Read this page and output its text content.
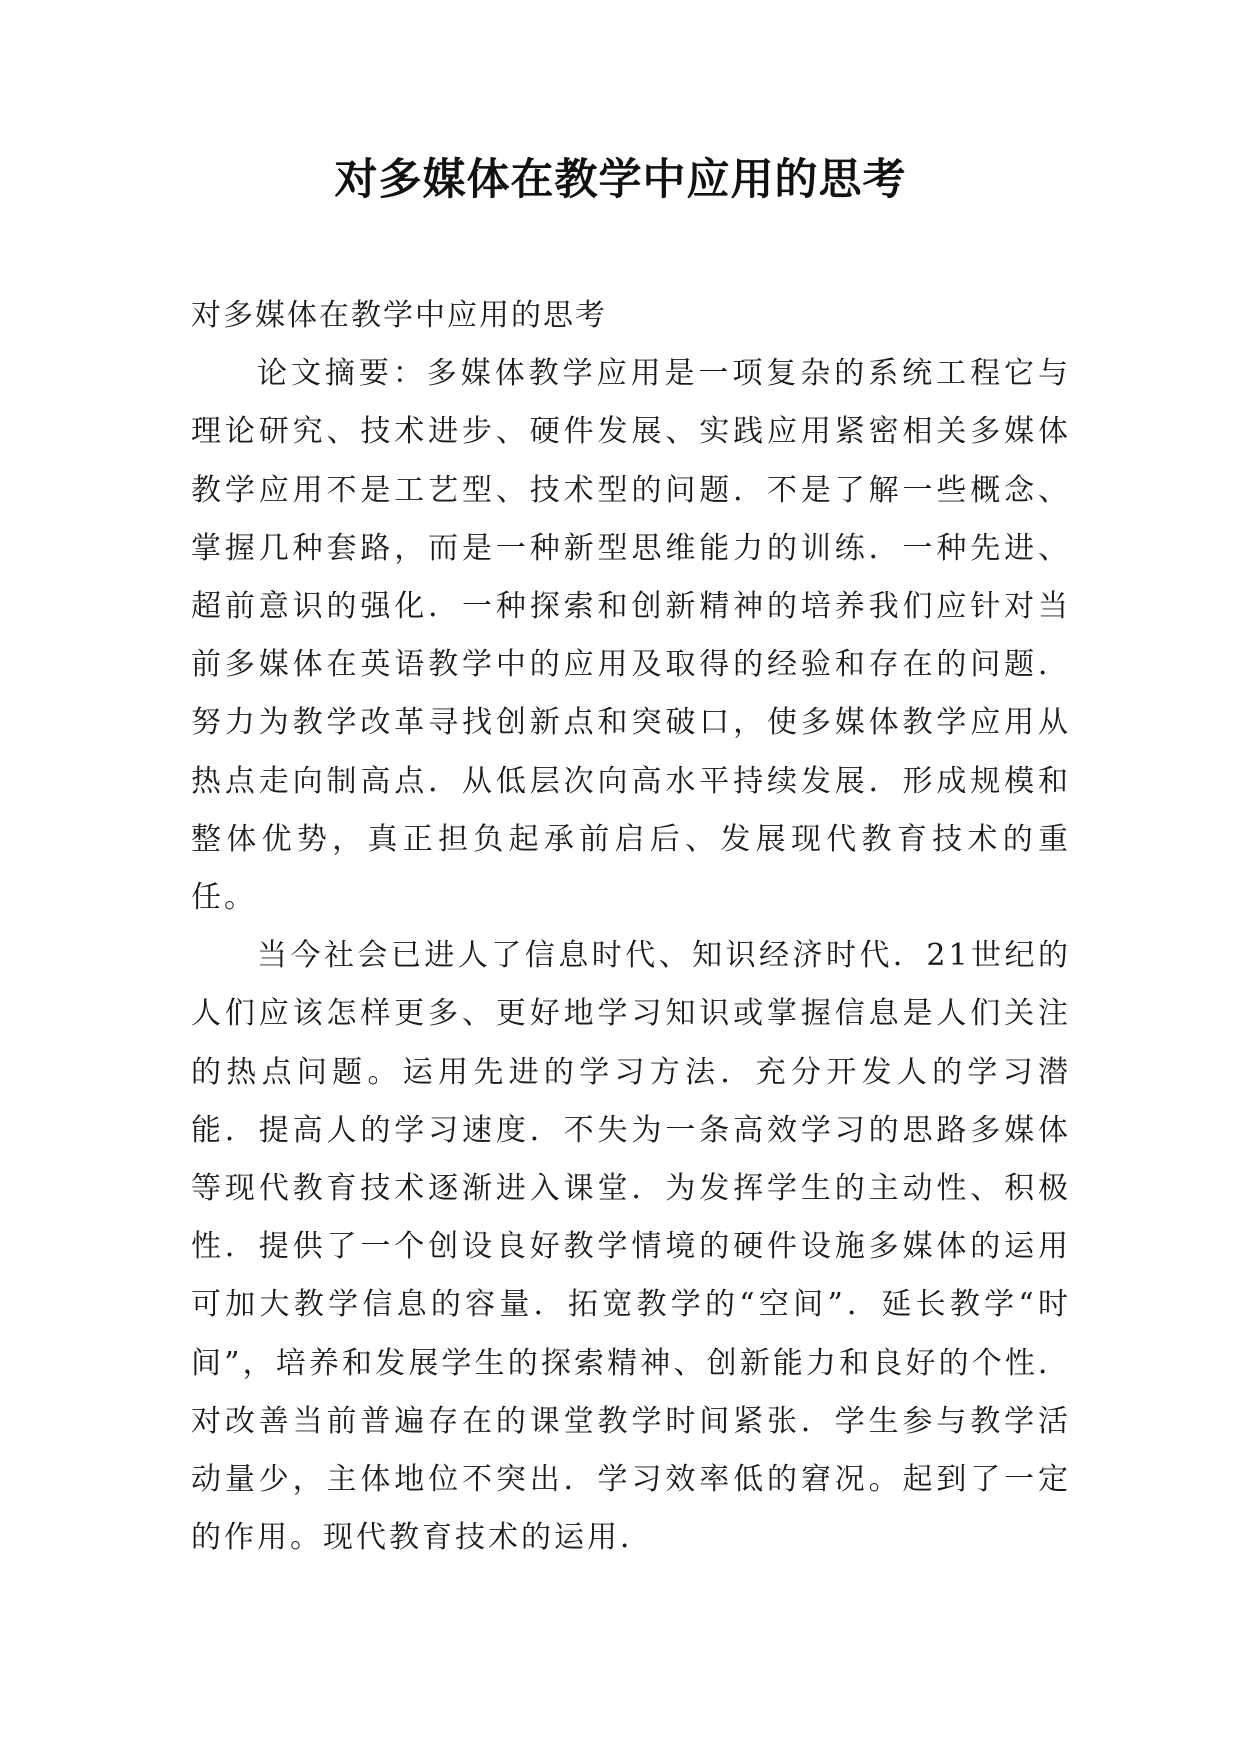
对多媒体在教学中应用的思考

对多媒体在教学中应用的思考

论文摘要：多媒体教学应用是一项复杂的系统工程它与理论研究、技术进步、硬件发展、实践应用紧密相关多媒体教学应用不是工艺型、技术型的问题．不是了解一些概念、掌握几种套路，而是一种新型思维能力的训练．一种先进、超前意识的强化．一种探索和创新精神的培养我们应针对当前多媒体在英语教学中的应用及取得的经验和存在的问题．努力为教学改革寻找创新点和突破口，使多媒体教学应用从热点走向制高点．从低层次向高水平持续发展．形成规模和整体优势，真正担负起承前启后、发展现代教育技术的重任。

当今社会已进人了信息时代、知识经济时代．21世纪的人们应该怎样更多、更好地学习知识或掌握信息是人们关注的热点问题。运用先进的学习方法．充分开发人的学习潜能．提高人的学习速度．不失为一条高效学习的思路多媒体等现代教育技术逐渐进入课堂．为发挥学生的主动性、积极性．提供了一个创设良好教学情境的硬件设施多媒体的运用可加大教学信息的容量．拓宽教学的“空间”．延长教学“时间”，培养和发展学生的探索精神、创新能力和良好的个性．对改善当前普遍存在的课堂教学时间紧张．学生参与教学活动量少，主体地位不突出．学习效率低的窘况。起到了一定的作用。现代教育技术的运用．
